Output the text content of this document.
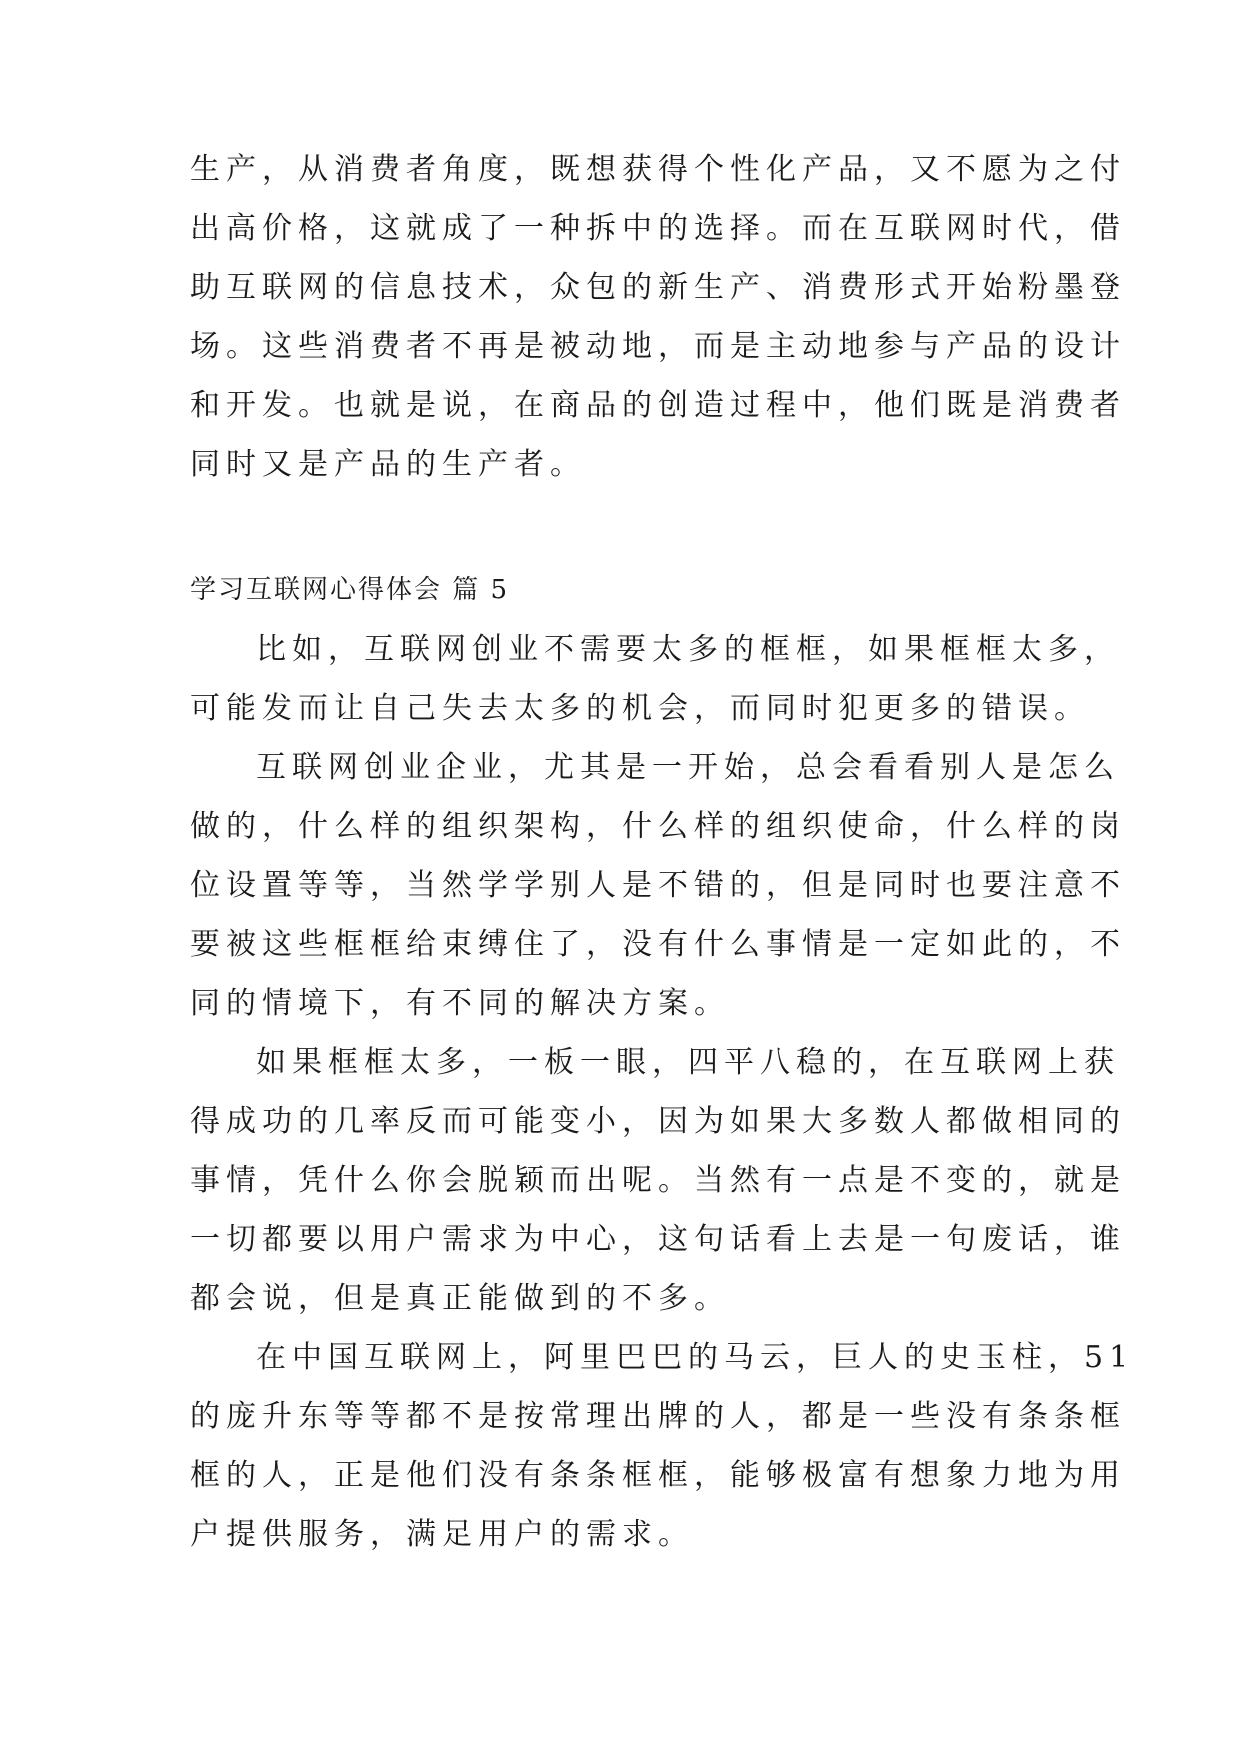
生产，从消费者角度，既想获得个性化产品，又不愿为之付
出高价格，这就成了一种拆中的选择。而在互联网时代，借
助互联网的信息技术，众包的新生产、消费形式开始粉墨登
场。这些消费者不再是被动地，而是主动地参与产品的设计
和开发。也就是说，在商品的创造过程中，他们既是消费者
同时又是产品的生产者。
学习互联网心得体会 篇 5
比如，互联网创业不需要太多的框框，如果框框太多，
可能发而让自己失去太多的机会，而同时犯更多的错误。
互联网创业企业，尤其是一开始，总会看看别人是怎么
做的，什么样的组织架构，什么样的组织使命，什么样的岗
位设置等等，当然学学别人是不错的，但是同时也要注意不
要被这些框框给束缚住了，没有什么事情是一定如此的，不
同的情境下，有不同的解决方案。
如果框框太多，一板一眼，四平八稳的，在互联网上获
得成功的几率反而可能变小，因为如果大多数人都做相同的
事情，凭什么你会脱颖而出呢。当然有一点是不变的，就是
一切都要以用户需求为中心，这句话看上去是一句废话，谁
都会说，但是真正能做到的不多。
在中国互联网上，阿里巴巴的马云，巨人的史玉柱，51
的庞升东等等都不是按常理出牌的人，都是一些没有条条框
框的人，正是他们没有条条框框，能够极富有想象力地为用
户提供服务，满足用户的需求。
